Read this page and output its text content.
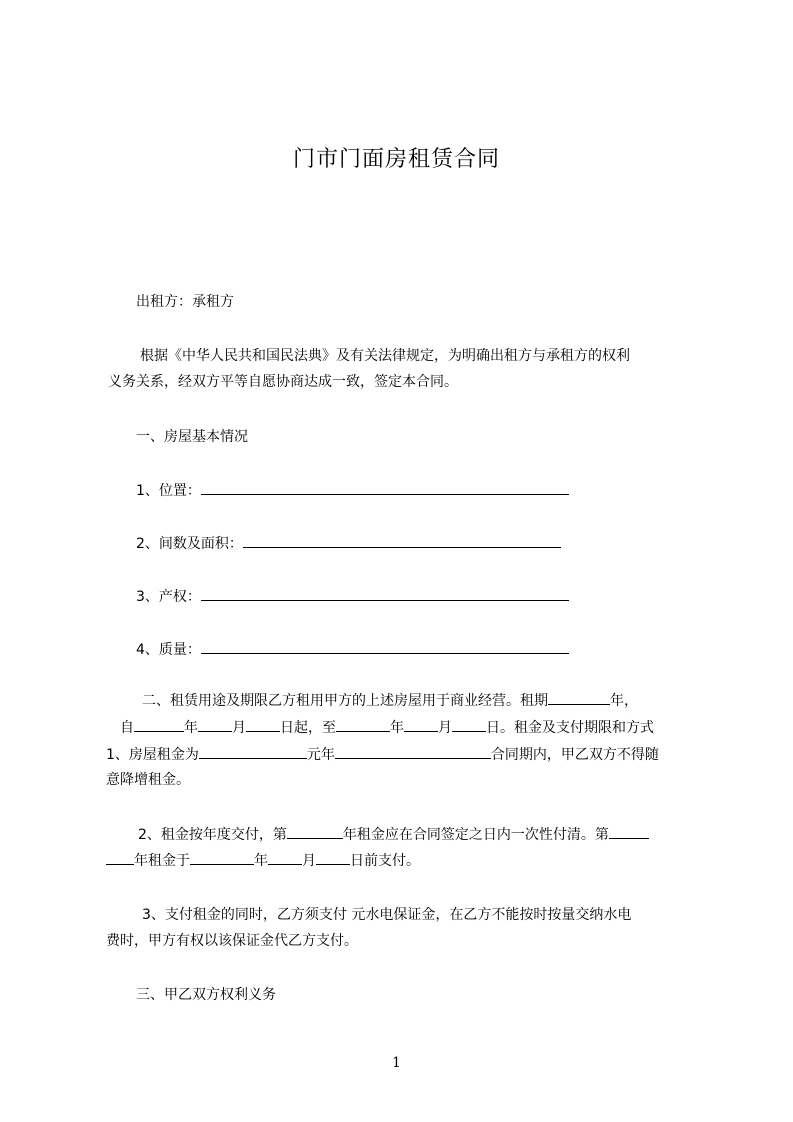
门市门面房租赁合同
出租方：承租方
根据《中华人民共和国民法典》及有关法律规定，为明确出租方与承租方的权利
义务关系，经双方平等自愿协商达成一致，签定本合同。
一、房屋基本情况
1、位置：
2、间数及面积：
3、产权：
4、质量：
二、租赁用途及期限乙方租用甲方的上述房屋用于商业经营。租期	年，
自	年 月 日起，至	年 月 日。租金及支付期限和方式
1、房屋租金为	元年	合同期内，甲乙双方不得随
意降增租金。
2、租金按年度交付，第	年租金应在合同签定之日内一次性付清。第
年租金于	年 月 日前支付。
3、支付租金的同时，乙方须支付 元水电保证金，在乙方不能按时按量交纳水电
费时，甲方有权以该保证金代乙方支付。
三、甲乙双方权利义务
1
